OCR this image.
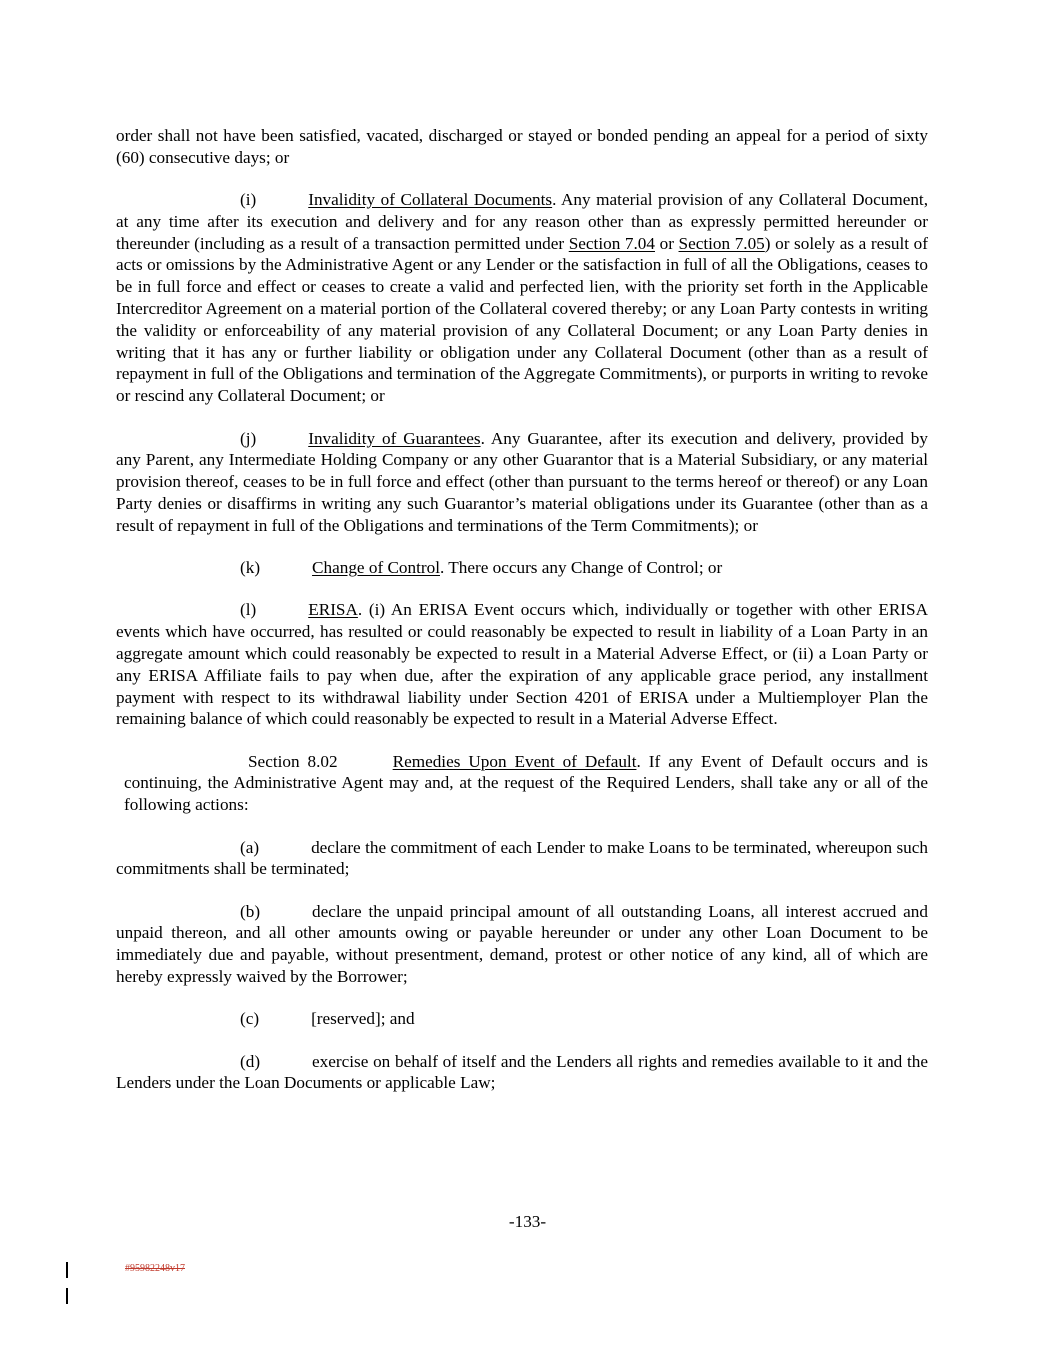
order shall not have been satisfied, vacated, discharged or stayed or bonded pending an appeal for a period of sixty (60) consecutive days; or

(i)	Invalidity of Collateral Documents. Any material provision of any Collateral Document, at any time after its execution and delivery and for any reason other than as expressly permitted hereunder or thereunder (including as a result of a transaction permitted under Section 7.04 or Section 7.05) or solely as a result of acts or omissions by the Administrative Agent or any Lender or the satisfaction in full of all the Obligations, ceases to be in full force and effect or ceases to create a valid and perfected lien, with the priority set forth in the Applicable Intercreditor Agreement on a material portion of the Collateral covered thereby; or any Loan Party contests in writing the validity or enforceability of any material provision of any Collateral Document; or any Loan Party denies in writing that it has any or further liability or obligation under any Collateral Document (other than as a result of repayment in full of the Obligations and termination of the Aggregate Commitments), or purports in writing to revoke or rescind any Collateral Document; or

(j)	Invalidity of Guarantees. Any Guarantee, after its execution and delivery, provided by any Parent, any Intermediate Holding Company or any other Guarantor that is a Material Subsidiary, or any material provision thereof, ceases to be in full force and effect (other than pursuant to the terms hereof or thereof) or any Loan Party denies or disaffirms in writing any such Guarantor’s material obligations under its Guarantee (other than as a result of repayment in full of the Obligations and terminations of the Term Commitments); or

(k)	Change of Control. There occurs any Change of Control; or

(l)	ERISA. (i) An ERISA Event occurs which, individually or together with other ERISA events which have occurred, has resulted or could reasonably be expected to result in liability of a Loan Party in an aggregate amount which could reasonably be expected to result in a Material Adverse Effect, or (ii) a Loan Party or any ERISA Affiliate fails to pay when due, after the expiration of any applicable grace period, any installment payment with respect to its withdrawal liability under Section 4201 of ERISA under a Multiemployer Plan the remaining balance of which could reasonably be expected to result in a Material Adverse Effect.

Section 8.02	Remedies Upon Event of Default. If any Event of Default occurs and is continuing, the Administrative Agent may and, at the request of the Required Lenders, shall take any or all of the following actions:

(a)	declare the commitment of each Lender to make Loans to be terminated, whereupon such commitments shall be terminated;

(b)	declare the unpaid principal amount of all outstanding Loans, all interest accrued and unpaid thereon, and all other amounts owing or payable hereunder or under any other Loan Document to be immediately due and payable, without presentment, demand, protest or other notice of any kind, all of which are hereby expressly waived by the Borrower;

(c)	[reserved]; and

(d)	exercise on behalf of itself and the Lenders all rights and remedies available to it and the Lenders under the Loan Documents or applicable Law;

-133-
#95982248v17
